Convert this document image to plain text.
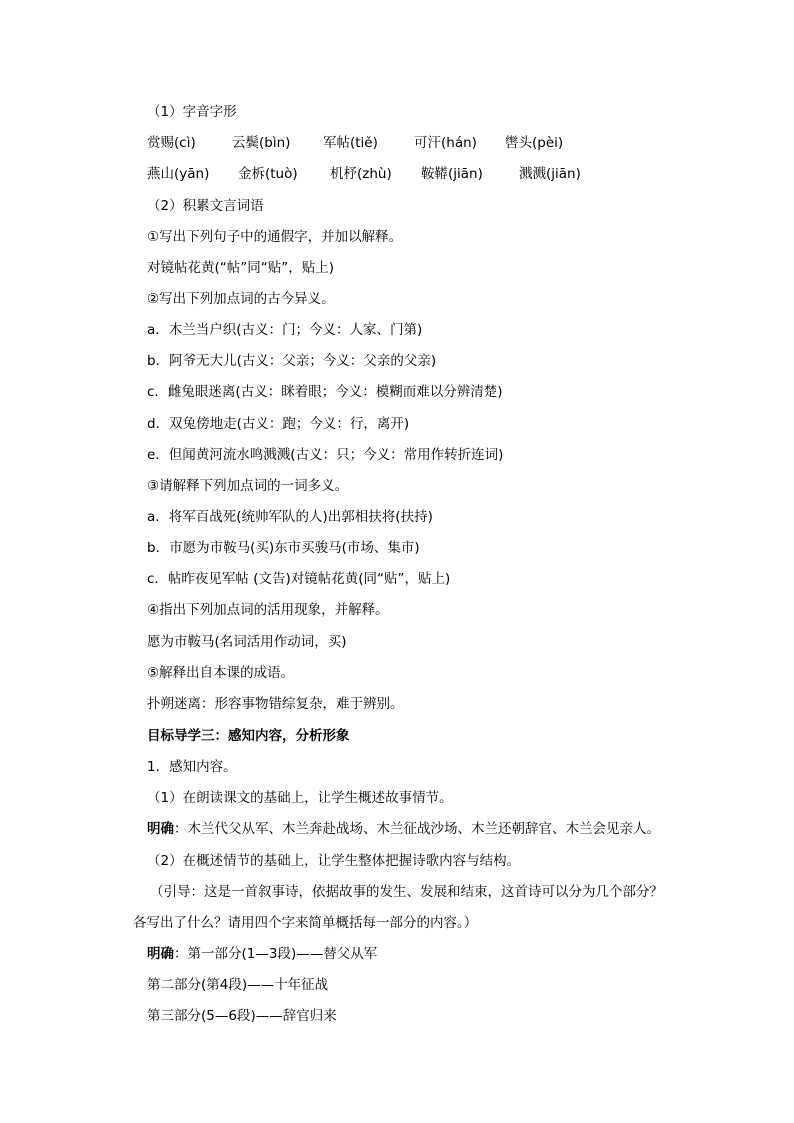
（1）字音字形
赏赐(cì)	云鬓(bìn) 军帖(tiě)	可汗(hán) 辔头(pèi)
燕山(yān) 金柝(tuò) 机杼(zhù) 鞍鞯(jiān)	溅溅(jiān)
（2）积累文言词语
①写出下列句子中的通假字，并加以解释。
对镜帖花黄(“帖”同“贴”，贴上)
②写出下列加点词的古今异义。
a．木兰当户织(古义：门；今义：人家、门第)
b．阿爷无大儿(古义：父亲；今义：父亲的父亲)
c．雌兔眼迷离(古义：眯着眼；今义：模糊而难以分辨清楚)
d．双兔傍地走(古义：跑；今义：行，离开)
e．但闻黄河流水鸣溅溅(古义：只；今义：常用作转折连词)
③请解释下列加点词的一词多义。
a．将军百战死(统帅军队的人)出郭相扶将(扶持)
b．市愿为市鞍马(买)东市买骏马(市场、集市)
c．帖昨夜见军帖 (文告)对镜帖花黄(同“贴”，贴上)
④指出下列加点词的活用现象，并解释。
愿为市鞍马(名词活用作动词，买)
⑤解释出自本课的成语。
扑朔迷离：形容事物错综复杂，难于辨别。
目标导学三：感知内容，分析形象
1．感知内容。
（1）在朗读课文的基础上，让学生概述故事情节。
明确：木兰代父从军、木兰奔赴战场、木兰征战沙场、木兰还朝辞官、木兰会见亲人。
（2）在概述情节的基础上，让学生整体把握诗歌内容与结构。
（引导：这是一首叙事诗，依据故事的发生、发展和结束，这首诗可以分为几个部分？
各写出了什么？请用四个字来简单概括每一部分的内容。）
明确：第一部分(1—3段)——替父从军
第二部分(第4段)——十年征战
第三部分(5—6段)——辞官归来
